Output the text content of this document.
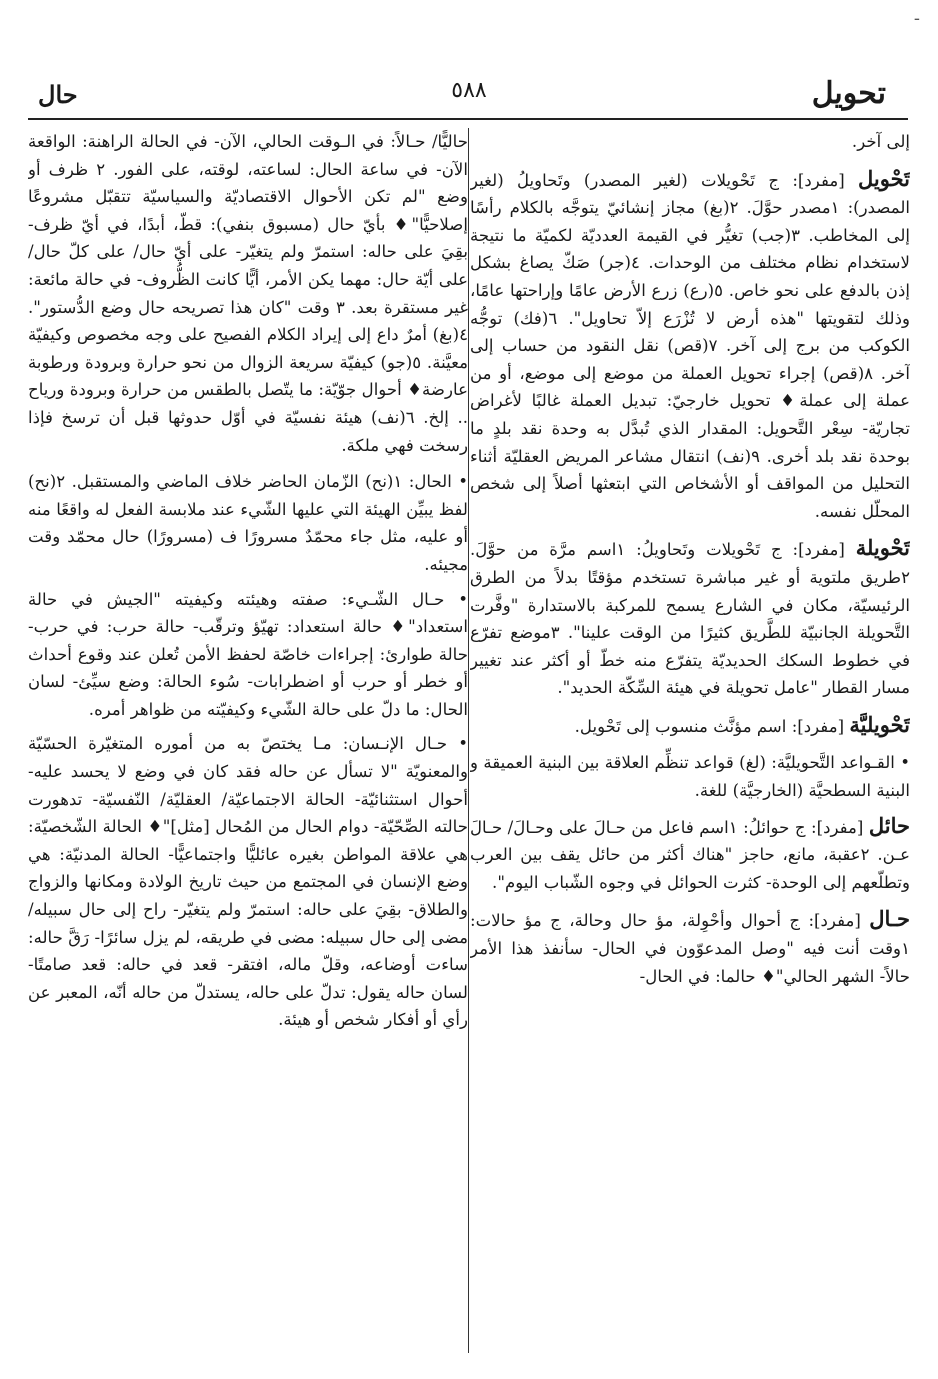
-
تحويل
٥٨٨
حال

إلى آخر.

تَحْويل [مفرد]: ج تَحْويلات (لغير المصدر) وتَحاويلُ (لغير المصدر): ١مصدر حوَّلَ. ٢(بغ) مجاز إنشائيّ يتوجَّه بالكلام رأسًا إلى المخاطب. ٣(جب) تغيُّر في القيمة العدديّة لكميّة ما نتيجة لاستخدام نظام مختلف من الوحدات. ٤(جر) صَكّ يصاغ بشكل إذن بالدفع على نحو خاص. ٥(رع) زرع الأرض عامًا وإراحتها عامًا، وذلك لتقويتها "هذه أرض لا تُزْرَع إلاّ تحاويل". ٦(فك) توجُّه الكوكب من برج إلى آخر. ٧(قص) نقل النقود من حساب إلى آخر. ٨(قص) إجراء تحويل العملة من موضع إلى موضع، أو من عملة إلى عملة♦ تحويل خارجيّ: تبديل العملة غالبًا لأغراض تجاريّة- سِعْر التَّحويل: المقدار الذي تُبدَّل به وحدة نقد بلدٍ ما بوحدة نقد بلد أخرى. ٩(نف) انتقال مشاعر المريض العقليّة أثناء التحليل من المواقف أو الأشخاص التي ابتعثها أصلاً إلى شخص المحلّل نفسه.

تَحْويلة [مفرد]: ج تَحْويلات وتَحاويلُ: ١اسم مرَّة من حوَّلَ. ٢طريق ملتوية أو غير مباشرة تستخدم مؤقتًا بدلاً من الطرق الرئيسيّة، مكان في الشارع يسمح للمركبة بالاستدارة "وفَّرت التَّحويلة الجانبيّة للطَّريق كثيرًا من الوقت علينا". ٣موضع تفرّع في خطوط السكك الحديديّة يتفرّع منه خطّ أو أكثر عند تغيير مسار القطار "عامل تحويلة في هيئة السِّكّة الحديد".

تَحْويليَّة [مفرد]: اسم مؤنَّث منسوب إلى تَحْويل.

• القـواعد التَّحويليَّة: (لغ) قواعد تنظِّم العلاقة بين البنية العميقة و البنية السطحيَّة (الخارجيَّة) للغة.

حائل [مفرد]: ج حوائلُ: ١اسم فاعل من حـالَ على وحـالَ/ حـالَ عـن. ٢عقبة، مانع، حاجز "هناك أكثر من حائل يقف بين العرب وتطلّعهم إلى الوحدة- كثرت الحوائل في وجوه الشّباب اليوم".

حـال [مفرد]: ج أحوال وأحْوِلة، مؤ حال وحالة، ج مؤ حالات: ١وقت أنت فيه "وصل المدعوّون في الحال- سأنفذ هذا الأمر حالاً- الشهر الحالي"♦ حالما: في الحال-

حاليًّا/ حـالاً: في الـوقت الحالي، الآن- في الحالة الراهنة: الواقعة الآن- في ساعة الحال: لساعته، لوقته، على الفور. ٢ ظرف أو وضع "لم تكن الأحوال الاقتصاديّة والسياسيّة تتقبّل مشروعًا إصلاحيًّا"♦ بأيّ حال (مسبوق بنفي): قطّ، أبدًا، في أيّ ظرف- بقِيَ على حاله: استمرّ ولم يتغيّر- على أيّ حال/ على كلّ حال/ على أيّة حال: مهما يكن الأمر، أيًّا كانت الظُّروف- في حالة مائعة: غير مستقرة بعد. ٣ وقت "كان هذا تصريحه حال وضع الدُّستور". ٤(بغ) أمرٌ داع إلى إيراد الكلام الفصيح على وجه مخصوص وكيفيّة معيَّنة. ٥(جو) كيفيّة سريعة الزوال من نحو حرارة وبرودة ورطوبة عارضة♦ أحوال جوّيّة: ما يتّصل بالطقس من حرارة وبرودة ورياح .. إلخ. ٦(نف) هيئة نفسيّة في أوّل حدوثها قبل أن ترسخ فإذا رسخت فهي ملكة.

• الحال: ١(نح) الزّمان الحاضر خلاف الماضي والمستقبل. ٢(نح) لفظ يبيِّن الهيئة التي عليها الشّيء عند ملابسة الفعل له واقعًا منه أو عليه، مثل جاء محمّدٌ مسرورًا ف (مسرورًا) حال محمّد وقت مجيئه.

• حـال الشّـيء: صفته وهيئته وكيفيته "الجيش في حالة استعداد"♦ حالة استعداد: تهيّؤ وترقّب- حالة حرب: في حرب- حالة طوارئ: إجراءات خاصّة لحفظ الأمن تُعلن عند وقوع أحداث أو خطر أو حرب أو اضطرابات- سُوء الحالة: وضع سيِّئ- لسان الحال: ما دلّ على حالة الشّيء وكيفيّته من ظواهر أمره.

• حـال الإنـسان: مـا يختصّ به من أموره المتغيّرة الحسّيّة والمعنويّة "لا تسأل عن حاله فقد كان في وضع لا يحسد عليه- أحوال استثنائيّة- الحالة الاجتماعيّة/ العقليّة/ النّفسيّة- تدهورت حالته الصِّحّيّة- دوام الحال من المُحال [مثل]"♦ الحالة الشّخصيّة: هي علاقة المواطن بغيره عائليًّا واجتماعيًّا- الحالة المدنيّة: هي وضع الإنسان في المجتمع من حيث تاريخ الولادة ومكانها والزواج والطلاق- بقِيَ على حاله: استمرّ ولم يتغيّر- راح إلى حال سبيله/ مضى إلى حال سبيله: مضى في طريقه، لم يزل سائرًا- رَقَّ حاله: ساءت أوضاعه، وقلّ ماله، افتقر- قعد في حاله: قعد صامتًا- لسان حاله يقول: تدلّ على حاله، يستدلّ من حاله أنّه، المعبر عن رأي أو أفكار شخص أو هيئة.
